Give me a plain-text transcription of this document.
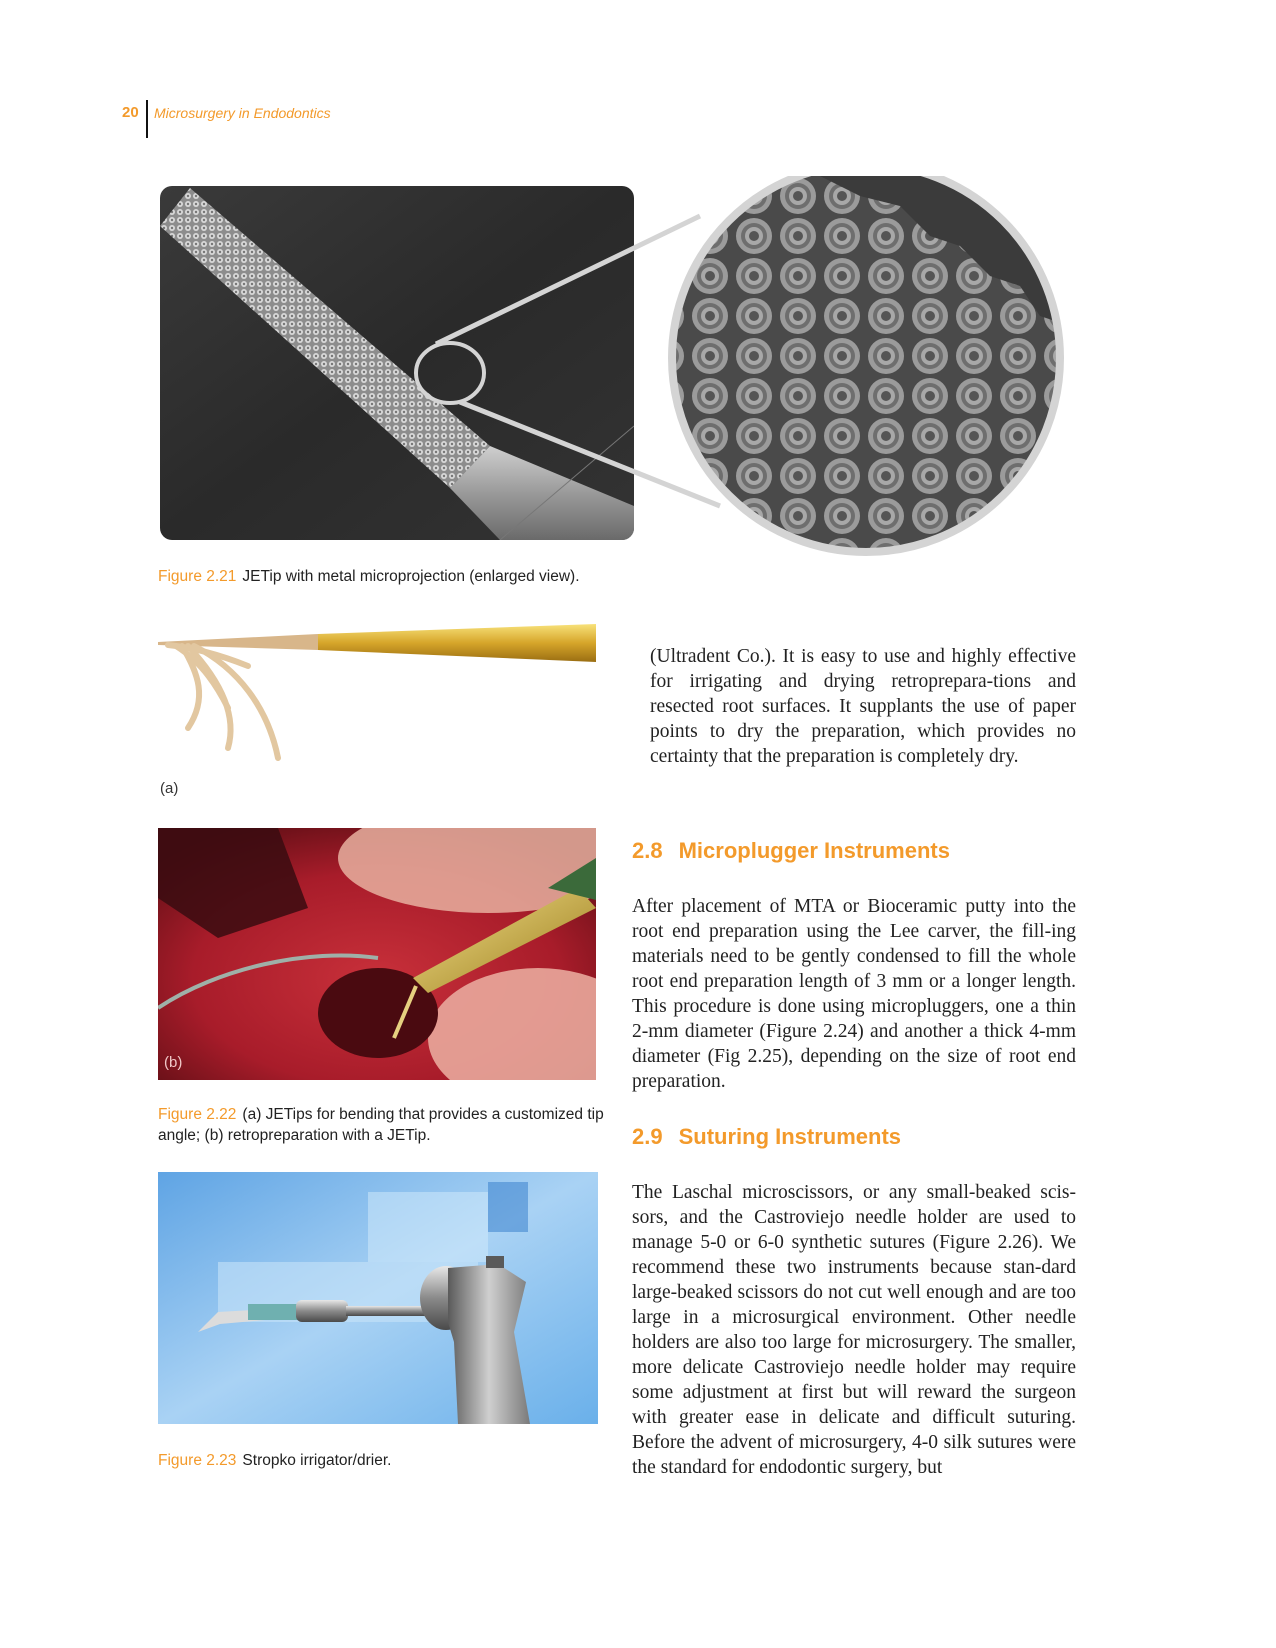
20 Microsurgery in Endodontics
Figure 2.21 JETip with metal microprojection (enlarged view).
(a)
(b)
Figure 2.22 (a) JETips for bending that provides a customized tip angle; (b) retropreparation with a JETip.
Figure 2.23 Stropko irrigator/drier.

(Ultradent Co.). It is easy to use and highly effective for irrigating and drying retroprepara-tions and resected root surfaces. It supplants the use of paper points to dry the preparation, which provides no certainty that the preparation is completely dry.

2.8 Microplugger Instruments

After placement of MTA or Bioceramic putty into the root end preparation using the Lee carver, the fill-ing materials need to be gently condensed to fill the whole root end preparation length of 3 mm or a longer length. This procedure is done using micropluggers, one a thin 2-mm diameter (Figure 2.24) and another a thick 4-mm diameter (Fig 2.25), depending on the size of root end preparation.

2.9 Suturing Instruments

The Laschal microscissors, or any small-beaked scis-sors, and the Castroviejo needle holder are used to manage 5-0 or 6-0 synthetic sutures (Figure 2.26). We recommend these two instruments because stan-dard large-beaked scissors do not cut well enough and are too large in a microsurgical environment. Other needle holders are also too large for microsurgery. The smaller, more delicate Castroviejo needle holder may require some adjustment at first but will reward the surgeon with greater ease in delicate and difficult suturing. Before the advent of microsurgery, 4-0 silk sutures were the standard for endodontic surgery, but
